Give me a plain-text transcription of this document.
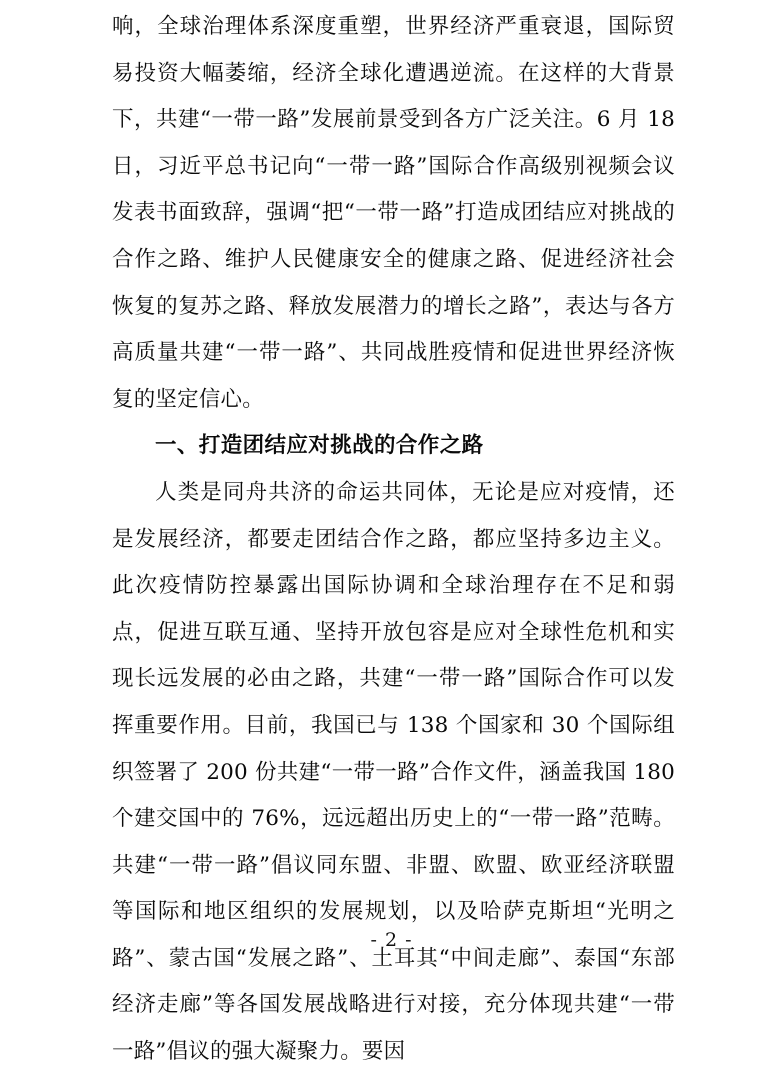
响，全球治理体系深度重塑，世界经济严重衰退，国际贸易投资大幅萎缩，经济全球化遭遇逆流。在这样的大背景下，共建“一带一路”发展前景受到各方广泛关注。6 月 18 日，习近平总书记向“一带一路”国际合作高级别视频会议发表书面致辞，强调“把“一带一路”打造成团结应对挑战的合作之路、维护人民健康安全的健康之路、促进经济社会恢复的复苏之路、释放发展潜力的增长之路”，表达与各方高质量共建“一带一路”、共同战胜疫情和促进世界经济恢复的坚定信心。

一、打造团结应对挑战的合作之路

人类是同舟共济的命运共同体，无论是应对疫情，还是发展经济，都要走团结合作之路，都应坚持多边主义。此次疫情防控暴露出国际协调和全球治理存在不足和弱点，促进互联互通、坚持开放包容是应对全球性危机和实现长远发展的必由之路，共建“一带一路”国际合作可以发挥重要作用。目前，我国已与 138 个国家和 30 个国际组织签署了 200 份共建“一带一路”合作文件，涵盖我国 180 个建交国中的 76%，远远超出历史上的“一带一路”范畴。共建“一带一路”倡议同东盟、非盟、欧盟、欧亚经济联盟等国际和地区组织的发展规划，以及哈萨克斯坦“光明之路”、蒙古国“发展之路”、土耳其“中间走廊”、泰国“东部经济走廊”等各国发展战略进行对接，充分体现共建“一带一路”倡议的强大凝聚力。要因

- 2 -
